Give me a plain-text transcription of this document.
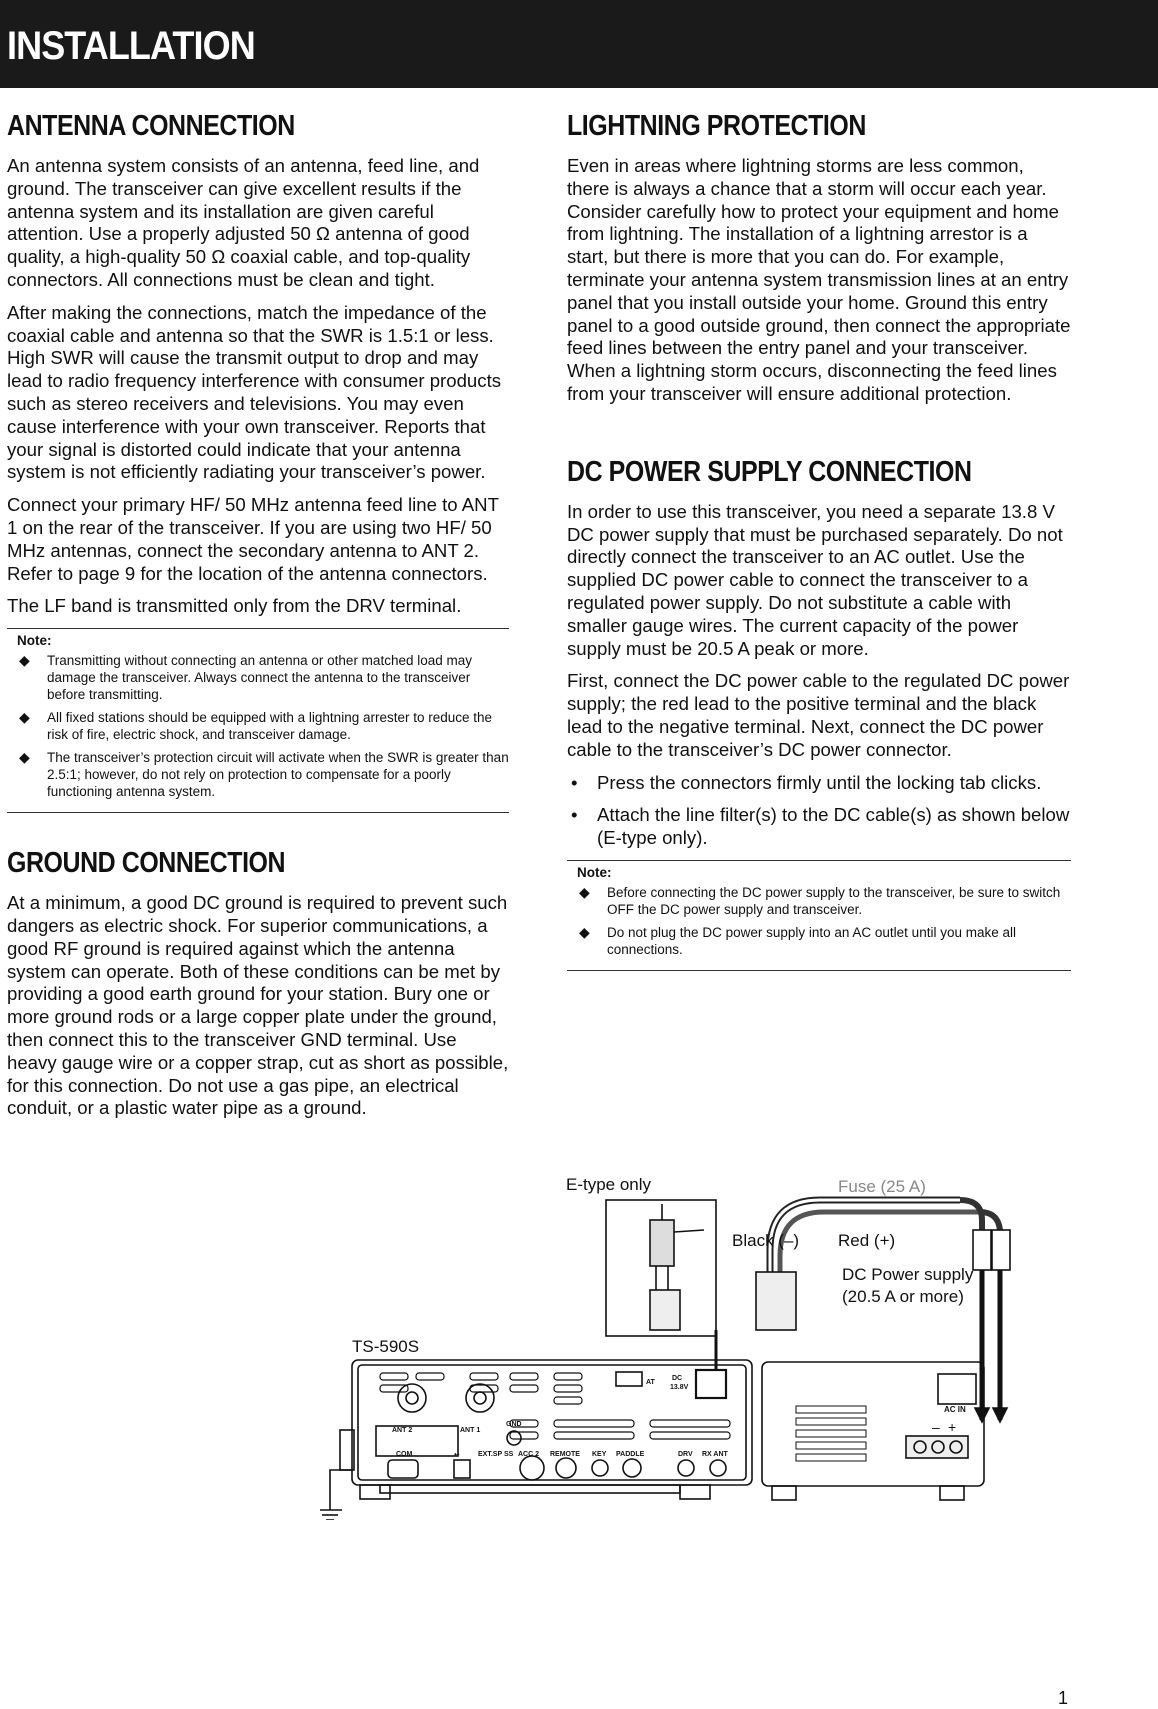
INSTALLATION
ANTENNA CONNECTION

An antenna system consists of an antenna, feed line, and ground. The transceiver can give excellent results if the antenna system and its installation are given careful attention. Use a properly adjusted 50 Ω antenna of good quality, a high-quality 50 Ω coaxial cable, and top-quality connectors. All connections must be clean and tight.

After making the connections, match the impedance of the coaxial cable and antenna so that the SWR is 1.5:1 or less. High SWR will cause the transmit output to drop and may lead to radio frequency interference with consumer products such as stereo receivers and televisions. You may even cause interference with your own transceiver. Reports that your signal is distorted could indicate that your antenna system is not efficiently radiating your transceiver’s power.

Connect your primary HF/ 50 MHz antenna feed line to ANT 1 on the rear of the transceiver. If you are using two HF/ 50 MHz antennas, connect the secondary antenna to ANT 2. Refer to page 9 for the location of the antenna connectors.

The LF band is transmitted only from the DRV terminal.

Note:
◆ Transmitting without connecting an antenna or other matched load may damage the transceiver. Always connect the antenna to the transceiver before transmitting.
◆ All fixed stations should be equipped with a lightning arrester to reduce the risk of fire, electric shock, and transceiver damage.
◆ The transceiver’s protection circuit will activate when the SWR is greater than 2.5:1; however, do not rely on protection to compensate for a poorly functioning antenna system.
GROUND CONNECTION

At a minimum, a good DC ground is required to prevent such dangers as electric shock. For superior communications, a good RF ground is required against which the antenna system can operate. Both of these conditions can be met by providing a good earth ground for your station. Bury one or more ground rods or a large copper plate under the ground, then connect this to the transceiver GND terminal. Use heavy gauge wire or a copper strap, cut as short as possible, for this connection. Do not use a gas pipe, an electrical conduit, or a plastic water pipe as a ground.

LIGHTNING PROTECTION

Even in areas where lightning storms are less common, there is always a chance that a storm will occur each year. Consider carefully how to protect your equipment and home from lightning. The installation of a lightning arrestor is a start, but there is more that you can do. For example, terminate your antenna system transmission lines at an entry panel that you install outside your home. Ground this entry panel to a good outside ground, then connect the appropriate feed lines between the entry panel and your transceiver. When a lightning storm occurs, disconnecting the feed lines from your transceiver will ensure additional protection.

DC POWER SUPPLY CONNECTION

In order to use this transceiver, you need a separate 13.8 V DC power supply that must be purchased separately. Do not directly connect the transceiver to an AC outlet. Use the supplied DC power cable to connect the transceiver to a regulated power supply. Do not substitute a cable with smaller gauge wires. The current capacity of the power supply must be 20.5 A peak or more.

First, connect the DC power cable to the regulated DC power supply; the red lead to the positive terminal and the black lead to the negative terminal. Next, connect the DC power cable to the transceiver’s DC power connector.

• Press the connectors firmly until the locking tab clicks.
• Attach the line filter(s) to the DC cable(s) as shown below (E-type only).
Note:
◆ Before connecting the DC power supply to the transceiver, be sure to switch OFF the DC power supply and transceiver.
◆ Do not plug the DC power supply into an AC outlet until you make all connections.
E-type only	Fuse (25 A)
Black (–) Red (+)
DC Power supply
(20.5 A or more)
TS-590S
ANT 2	ANT 1
GND
COM	⭠	EXT.SP SS ACC 2 REMOTE KEY PADDLE	DRV RX ANT
AT
DC
13.8V
AC IN
– +
1
